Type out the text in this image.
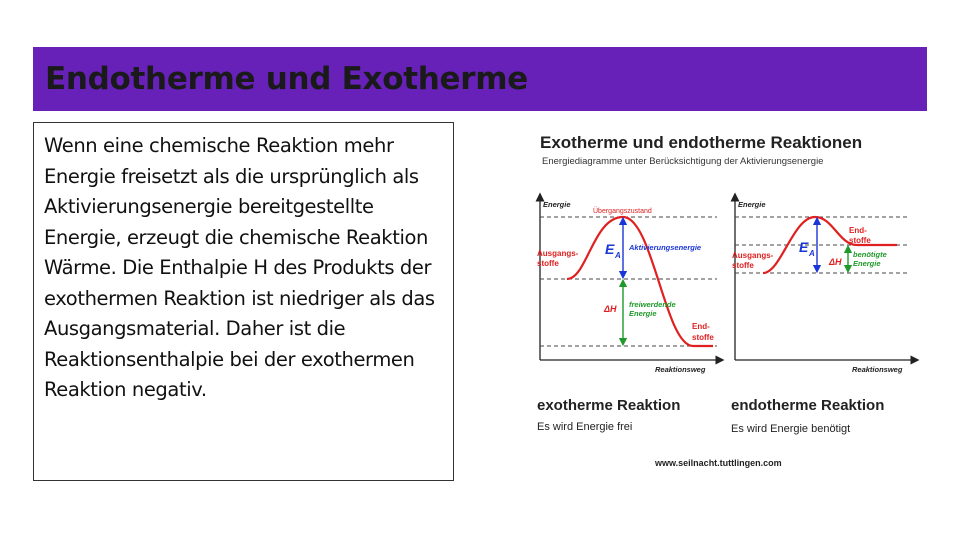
Endotherme und Exotherme

Wenn eine chemische Reaktion mehr Energie freisetzt als die ursprünglich als Aktivierungsenergie bereitgestellte Energie, erzeugt die chemische Reaktion Wärme. Die Enthalpie H des Produkts der exothermen Reaktion ist niedriger als das Ausgangsmaterial. Daher ist die Reaktionsenthalpie bei der exothermen Reaktion negativ.

Exotherme und endotherme Reaktionen
Energiediagramme unter Berücksichtigung der Aktivierungsenergie
Energie
Reaktionsweg
Übergangszustand
Ausgangs-
stoffe
E A
Aktivierungsenergie
ΔH freiwerdende
Energie
End-
stoffe
exotherme Reaktion
Es wird Energie frei
Energie
Reaktionsweg
Ausgangs-
stoffe
E A
End-
stoffe
ΔH
benötigte
Energie
endotherme Reaktion
Es wird Energie benötigt
www.seilnacht.tuttlingen.com
